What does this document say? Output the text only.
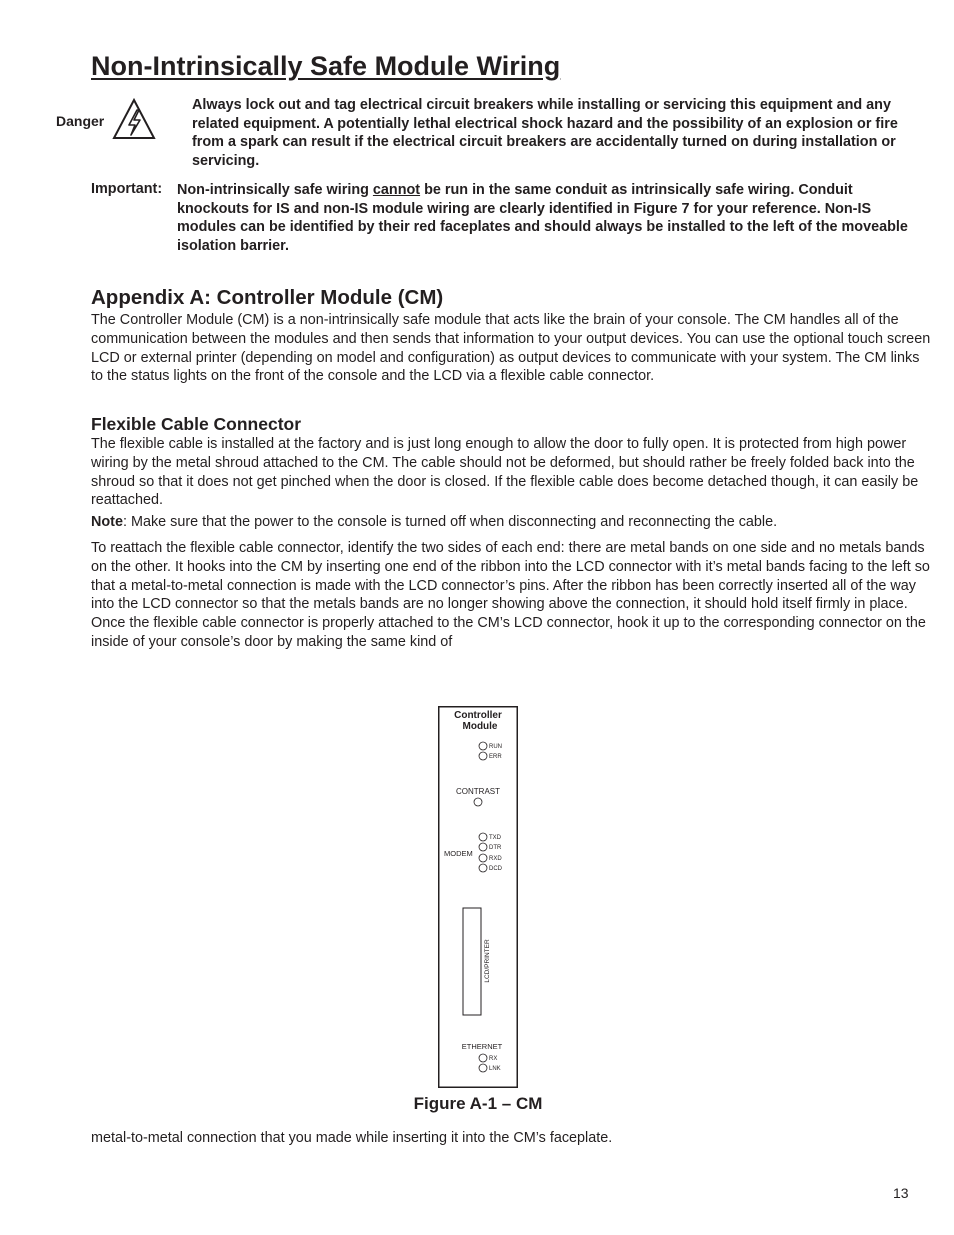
Non-Intrinsically Safe Module Wiring
Danger
Always lock out and tag electrical circuit breakers while installing or servicing this equipment and any related equipment. A potentially lethal electrical shock hazard and the possibility of an explosion or fire from a spark can result if the electrical circuit breakers are accidentally turned on during installation or servicing.
Important: Non-intrinsically safe wiring cannot be run in the same conduit as intrinsically safe wiring. Conduit knockouts for IS and non-IS module wiring are clearly identified in Figure 7 for your reference. Non-IS modules can be identified by their red faceplates and should always be installed to the left of the moveable isolation barrier.
Appendix A: Controller Module (CM)
The Controller Module (CM) is a non-intrinsically safe module that acts like the brain of your console. The CM handles all of the communication between the modules and then sends that information to your output devices. You can use the optional touch screen LCD or external printer (depending on model and configuration) as output devices to communicate with your system. The CM links to the status lights on the front of the console and the LCD via a flexible cable connector.
Flexible Cable Connector
The flexible cable is installed at the factory and is just long enough to allow the door to fully open. It is protected from high power wiring by the metal shroud attached to the CM. The cable should not be deformed, but should rather be freely folded back into the shroud so that it does not get pinched when the door is closed. If the flexible cable does become detached though, it can easily be reattached.
Note: Make sure that the power to the console is turned off when disconnecting and reconnecting the cable.
To reattach the flexible cable connector, identify the two sides of each end: there are metal bands on one side and no metals bands on the other. It hooks into the CM by inserting one end of the ribbon into the LCD connector with it’s metal bands facing to the left so that a metal-to-metal connection is made with the LCD connector’s pins. After the ribbon has been correctly inserted all of the way into the LCD connector so that the metals bands are no longer showing above the connection, it should hold itself firmly in place. Once the flexible cable connector is properly attached to the CM’s LCD connector, hook it up to the corresponding connector on the inside of your console’s door by making the same kind of
Controller
Module
RUN
ERR
CONTRAST
MODEM
TXD
DTR
RXD
DCD
LCD/PRINTER
ETHERNET
RX
LNK
Figure A-1 – CM
metal-to-metal connection that you made while inserting it into the CM’s faceplate.
13
